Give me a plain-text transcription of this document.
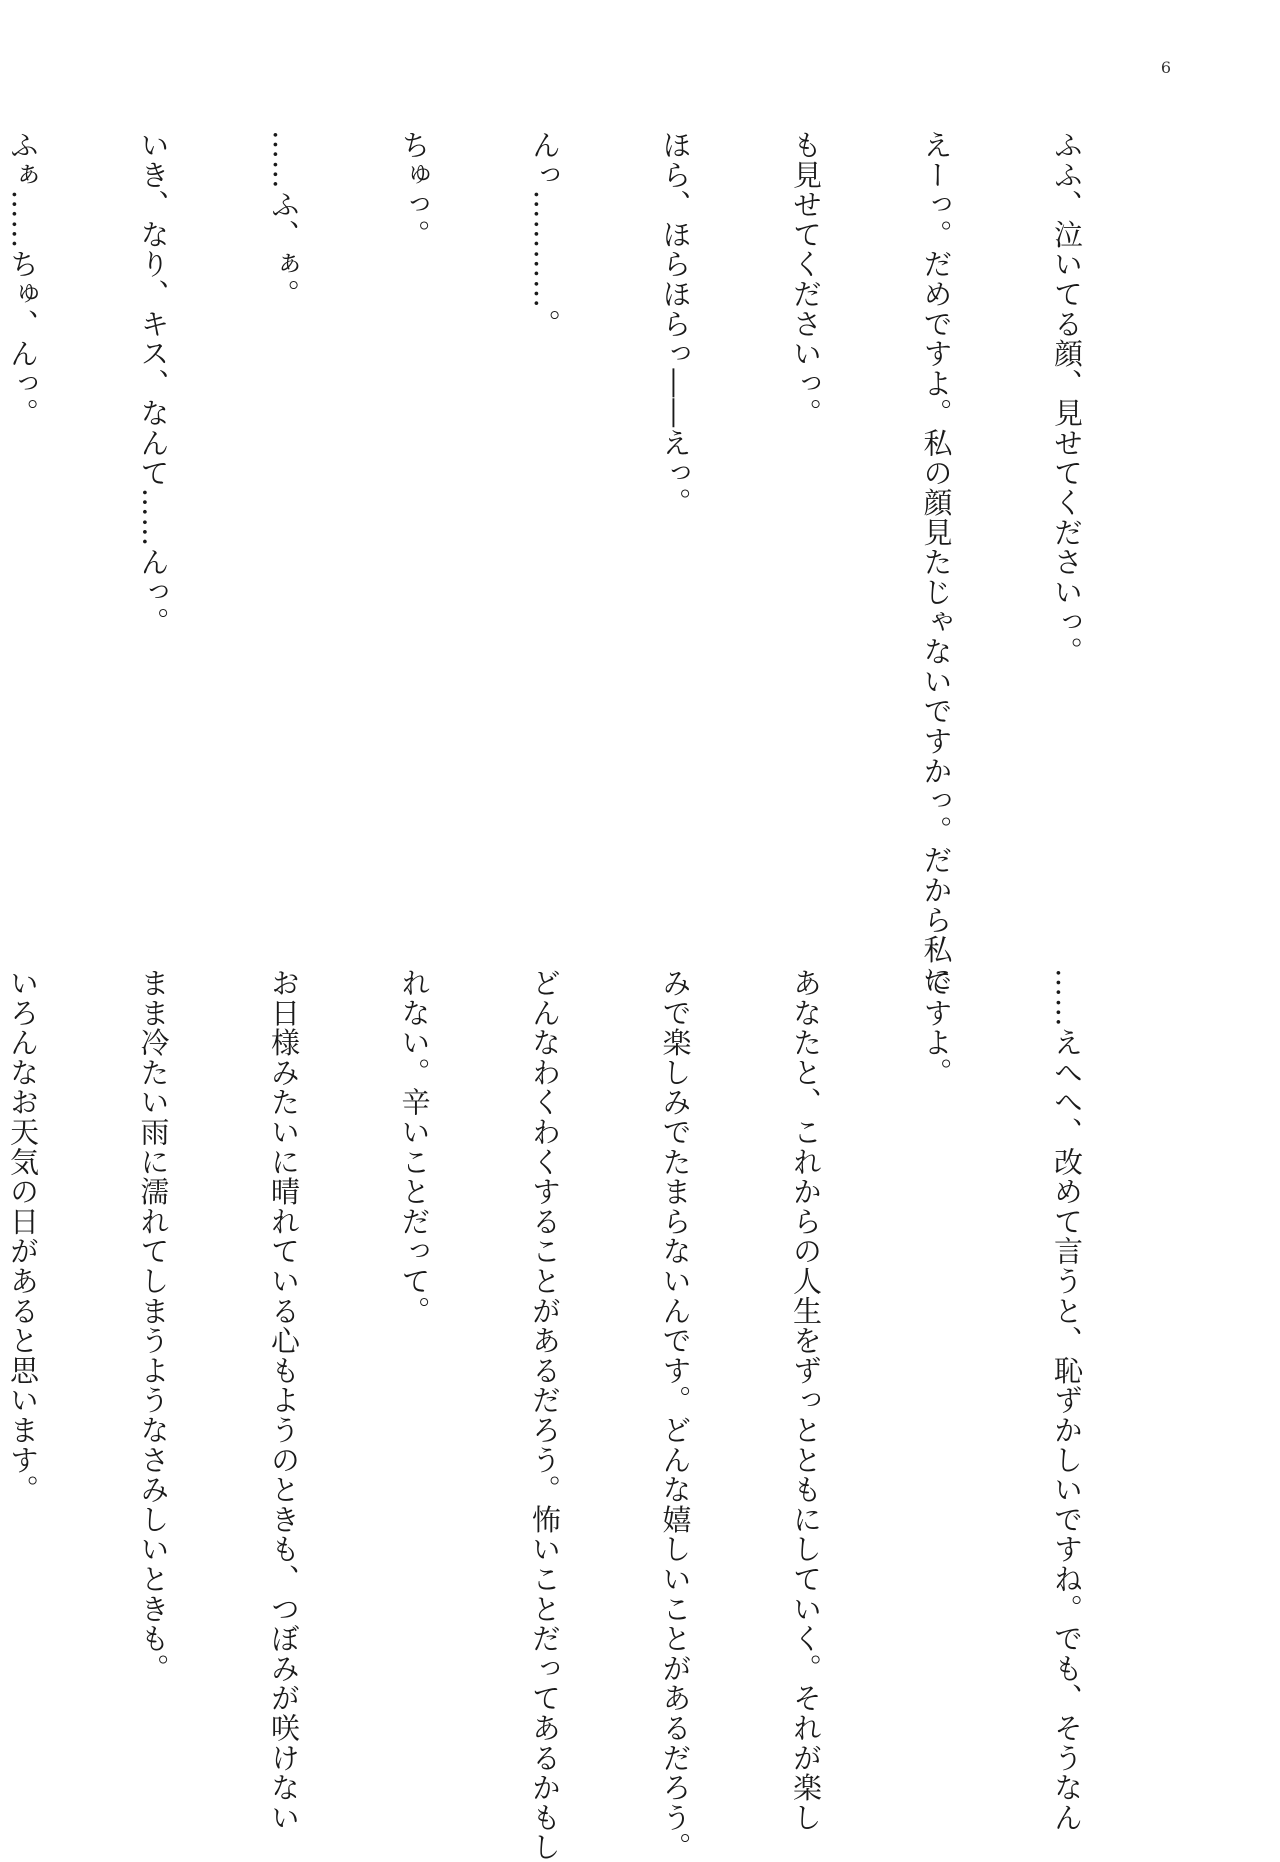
6

ふふ、泣いてる顔、見せてくださいっ。

えーっ。だめですよ。私の顔見たじゃないですかっ。だから私に

も見せてくださいっ。

ほら、ほらほらっ――えっ。

んっ…………。

ちゅっ。

……ふ、ぁ。

いき、なり、キス、なんて……んっ。

ふぁ……ちゅ、んっ。

……えへへ、改めて言うと、恥ずかしいですね。でも、そうなん

ですよ。

あなたと、これからの人生をずっとともにしていく。それが楽し

みで楽しみでたまらないんです。どんな嬉しいことがあるだろう。

どんなわくわくすることがあるだろう。怖いことだってあるかもし

れない。辛いことだって。

お日様みたいに晴れている心もようのときも、つぼみが咲けない

まま冷たい雨に濡れてしまうようなさみしいときも。

いろんなお天気の日があると思います。
